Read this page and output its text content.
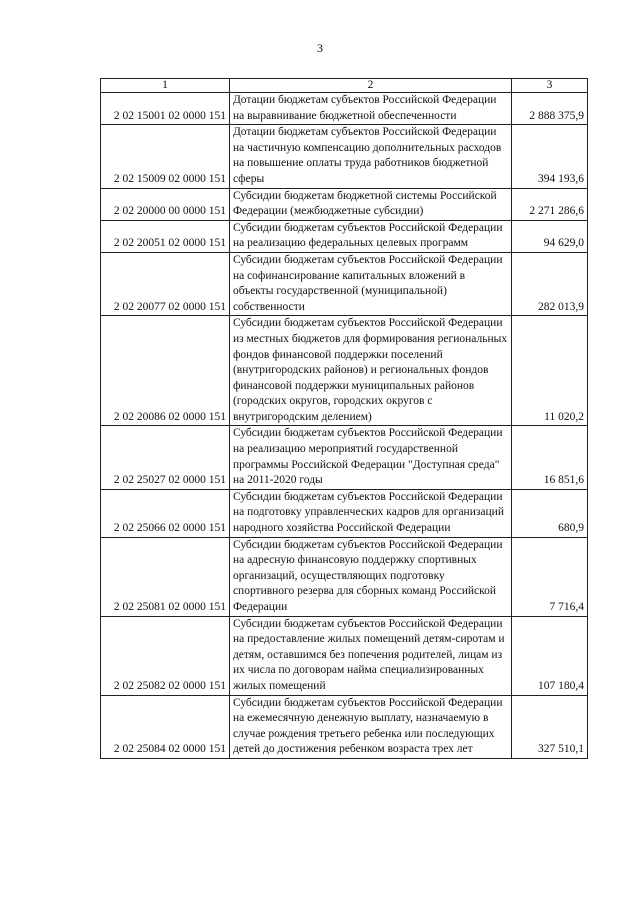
3
1	2	3
2 02 15001 02 0000 151	Дотации бюджетам субъектов Российской Федерации на выравнивание бюджетной обеспеченности	2 888 375,9
2 02 15009 02 0000 151	Дотации бюджетам субъектов Российской Федерации на частичную компенсацию дополнительных расходов на повышение оплаты труда работников бюджетной сферы	394 193,6
2 02 20000 00 0000 151	Субсидии бюджетам бюджетной системы Российской Федерации (межбюджетные субсидии)	2 271 286,6
2 02 20051 02 0000 151	Субсидии бюджетам субъектов Российской Федерации на реализацию федеральных целевых программ	94 629,0
2 02 20077 02 0000 151	Субсидии бюджетам субъектов Российской Федерации на софинансирование капитальных вложений в объекты государственной (муниципальной) собственности	282 013,9
2 02 20086 02 0000 151	Субсидии бюджетам субъектов Российской Федерации из местных бюджетов для формирования региональных фондов финансовой поддержки поселений (внутригородских районов) и региональных фондов финансовой поддержки муниципальных районов (городских округов, городских округов с внутригородским делением)	11 020,2
2 02 25027 02 0000 151	Субсидии бюджетам субъектов Российской Федерации на реализацию мероприятий государственной программы Российской Федерации "Доступная среда" на 2011-2020 годы	16 851,6
2 02 25066 02 0000 151	Субсидии бюджетам субъектов Российской Федерации на подготовку управленческих кадров для организаций народного хозяйства Российской Федерации	680,9
2 02 25081 02 0000 151	Субсидии бюджетам субъектов Российской Федерации на адресную финансовую поддержку спортивных организаций, осуществляющих подготовку спортивного резерва для сборных команд Российской Федерации	7 716,4
2 02 25082 02 0000 151	Субсидии бюджетам субъектов Российской Федерации на предоставление жилых помещений детям-сиротам и детям, оставшимся без попечения родителей, лицам из их числа по договорам найма специализированных жилых помещений	107 180,4
2 02 25084 02 0000 151	Субсидии бюджетам субъектов Российской Федерации на ежемесячную денежную выплату, назначаемую в случае рождения третьего ребенка или последующих детей до достижения ребенком возраста трех лет	327 510,1
